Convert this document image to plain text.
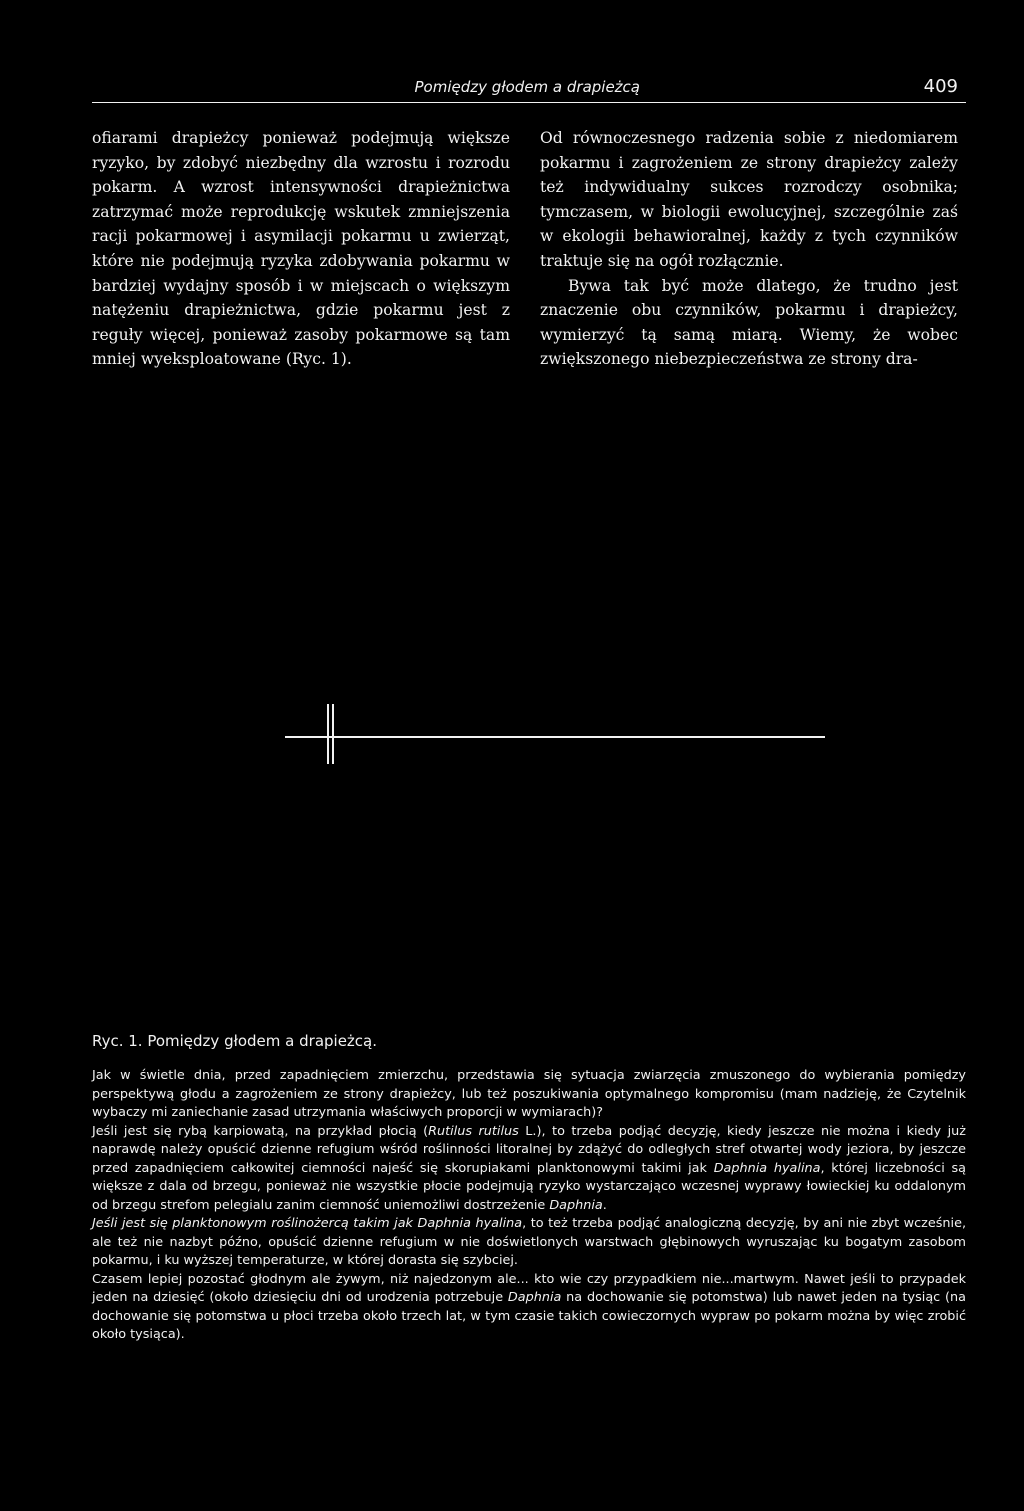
Pomiędzy głodem a drapieżcą	409

ofiarami drapieżcy ponieważ podejmują większe ryzyko, by zdobyć niezbędny dla wzrostu i rozrodu pokarm. A wzrost intensywności drapieżnictwa zatrzymać może reprodukcję wskutek zmniejszenia racji pokarmowej i asymilacji pokarmu u zwierząt, które nie podejmują ryzyka zdobywania pokarmu w bardziej wydajny sposób i w miejscach o większym natężeniu drapieżnictwa, gdzie pokarmu jest z reguły więcej, ponieważ zasoby pokarmowe są tam mniej wyeksploatowane (Ryc. 1).

Od równoczesnego radzenia sobie z niedomiarem pokarmu i zagrożeniem ze strony drapieżcy zależy też indywidualny sukces rozrodczy osobnika; tymczasem, w biologii ewolucyjnej, szczególnie zaś w ekologii behawioralnej, każdy z tych czynników traktuje się na ogół rozłącznie.

Bywa tak być może dlatego, że trudno jest znaczenie obu czynników, pokarmu i drapieżcy, wymierzyć tą samą miarą. Wiemy, że wobec zwiększonego niebezpieczeństwa ze strony dra-

Ryc. 1. Pomiędzy głodem a drapieżcą.

Jak w świetle dnia, przed zapadnięciem zmierzchu, przedstawia się sytuacja zwiarzęcia zmuszonego do wybierania pomiędzy perspektywą głodu a zagrożeniem ze strony drapieżcy, lub też poszukiwania optymalnego kompromisu (mam nadzieję, że Czytelnik wybaczy mi zaniechanie zasad utrzymania właściwych proporcji w wymiarach)?

Jeśli jest się rybą karpiowatą, na przykład płocią (Rutilus rutilus L.), to trzeba podjąć decyzję, kiedy jeszcze nie można i kiedy już naprawdę należy opuścić dzienne refugium wśród roślinności litoralnej by zdążyć do odległych stref otwartej wody jeziora, by jeszcze przed zapadnięciem całkowitej ciemności najeść się skorupiakami planktonowymi takimi jak Daphnia hyalina, której liczebności są większe z dala od brzegu, ponieważ nie wszystkie płocie podejmują ryzyko wystarczająco wczesnej wyprawy łowieckiej ku oddalonym od brzegu strefom pelegialu zanim ciemność uniemożliwi dostrzeżenie Daphnia.

Jeśli jest się planktonowym roślinożercą takim jak Daphnia hyalina, to też trzeba podjąć analogiczną decyzję, by ani nie zbyt wcześnie, ale też nie nazbyt późno, opuścić dzienne refugium w nie doświetlonych warstwach głębinowych wyruszając ku bogatym zasobom pokarmu, i ku wyższej temperaturze, w której dorasta się szybciej.

Czasem lepiej pozostać głodnym ale żywym, niż najedzonym ale... kto wie czy przypadkiem nie...martwym. Nawet jeśli to przypadek jeden na dziesięć (około dziesięciu dni od urodzenia potrzebuje Daphnia na dochowanie się potomstwa) lub nawet jeden na tysiąc (na dochowanie się potomstwa u płoci trzeba około trzech lat, w tym czasie takich cowieczornych wypraw po pokarm można by więc zrobić około tysiąca).
